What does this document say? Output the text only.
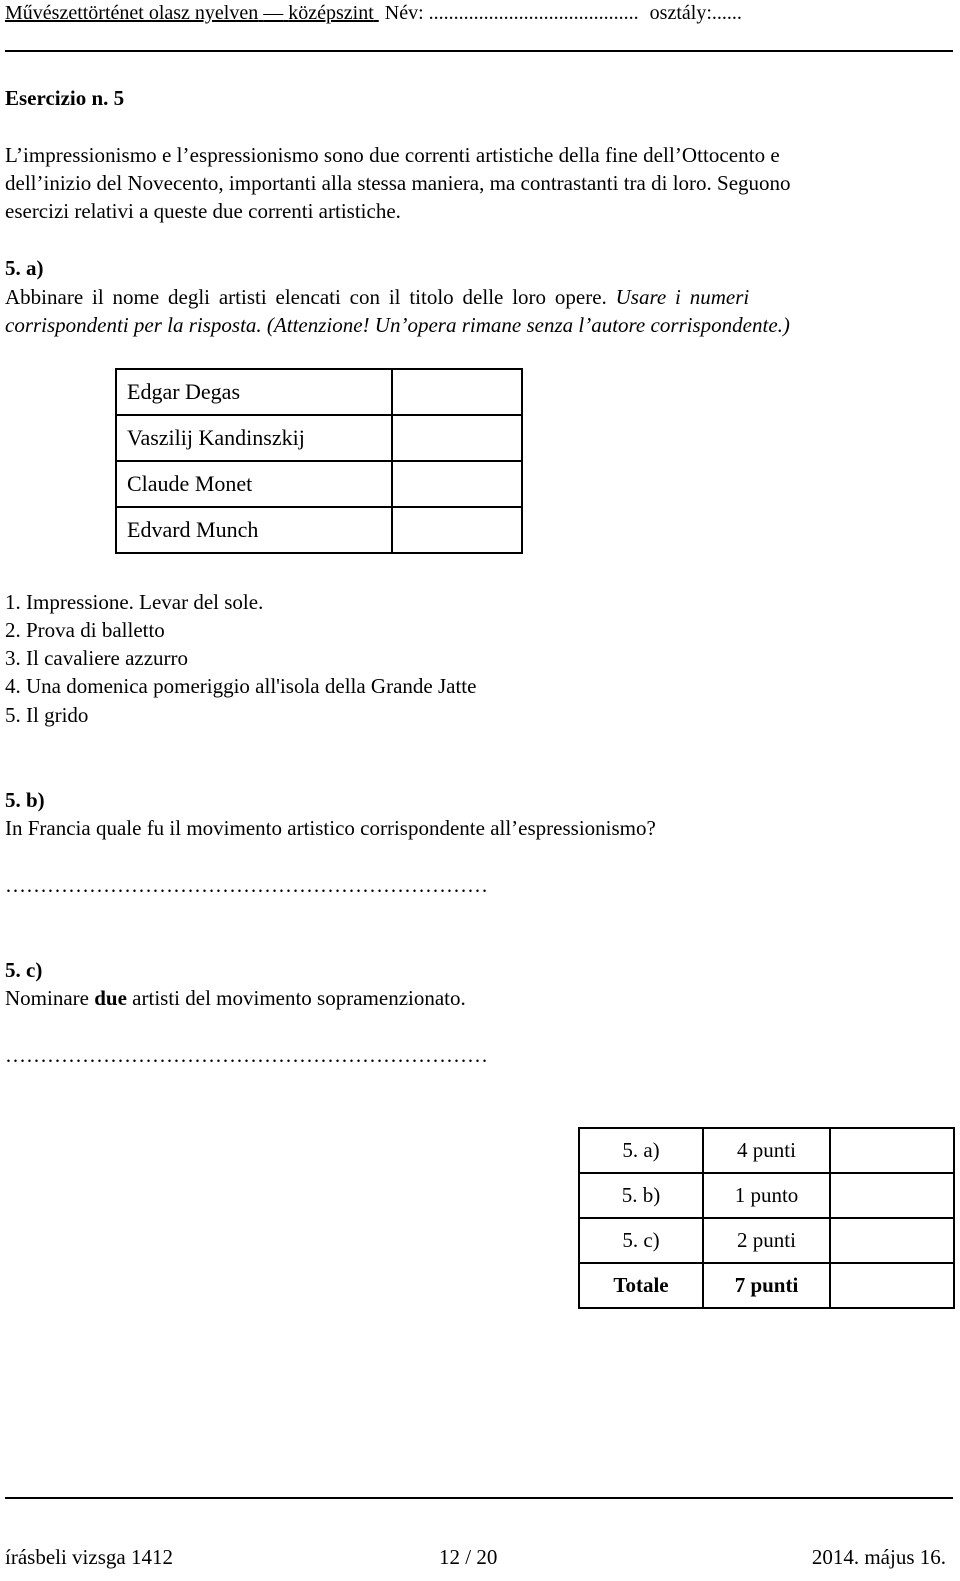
Művészettörténet olasz nyelven — középszint Név: .......................................... osztály:......
Esercizio n. 5
L’impressionismo e l’espressionismo sono due correnti artistiche della fine dell’Ottocento e
dell’inizio del Novecento, importanti alla stessa maniera, ma contrastanti tra di loro. Seguono
esercizi relativi a queste due correnti artistiche.
5. a)
Abbinare il nome degli artisti elencati con il titolo delle loro opere. Usare i numeri
corrispondenti per la risposta. (Attenzione! Un’opera rimane senza l’autore corrispondente.)
Edgar Degas	
Vaszilij Kandinszkij	
Claude Monet	
Edvard Munch	
1. Impressione. Levar del sole.
2. Prova di balletto
3. Il cavaliere azzurro
4. Una domenica pomeriggio all'isola della Grande Jatte
5. Il grido
5. b)
In Francia quale fu il movimento artistico corrispondente all’espressionismo?
……………………………………………………………
5. c)
Nominare due artisti del movimento sopramenzionato.
……………………………………………………………
5. a)	4 punti	
5. b)	1 punto	
5. c)	2 punti	
Totale	7 punti	
írásbeli vizsga 1412	12 / 20	2014. május 16.
